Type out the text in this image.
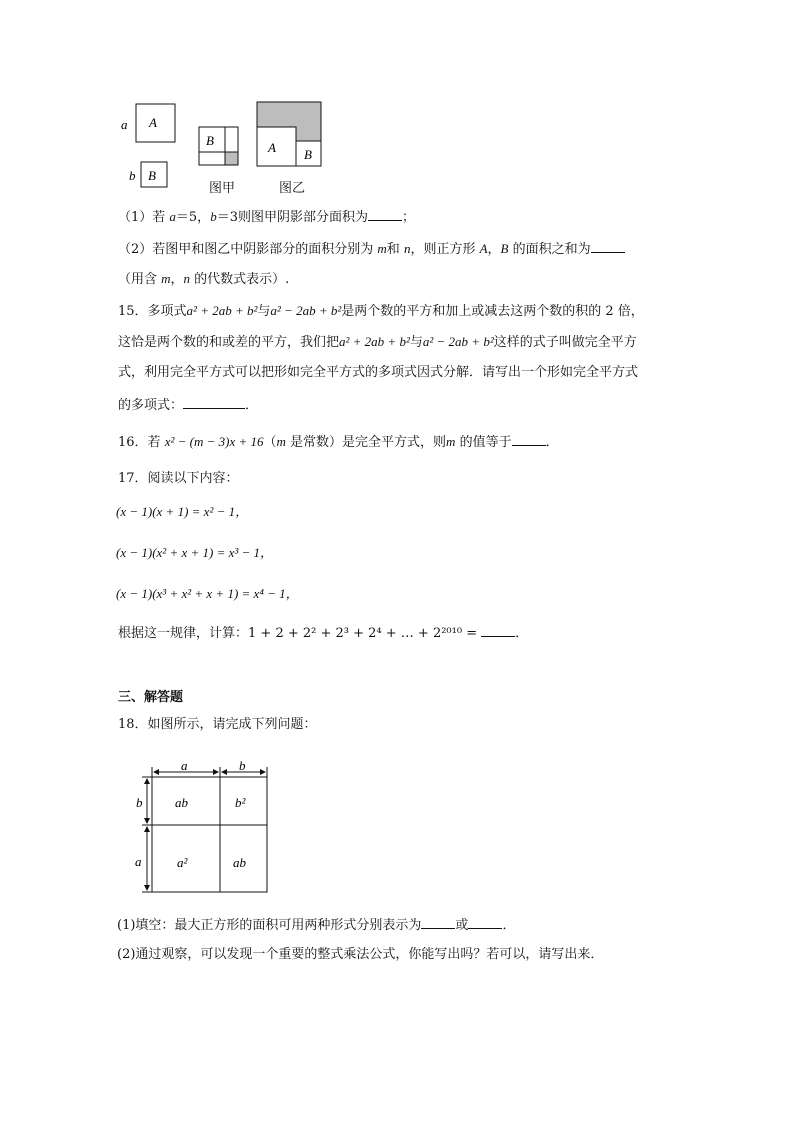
a A
b B
B	A B
图甲	图乙
（1）若 a＝5，b＝3则图甲阴影部分面积为	；
（2）若图甲和图乙中阴影部分的面积分别为 m和 n，则正方形 A，B 的面积之和为
（用含 m，n 的代数式表示）.
15．多项式a² + 2ab + b²与a² − 2ab + b²是两个数的平方和加上或减去这两个数的积的 2 倍，
这恰是两个数的和或差的平方，我们把a² + 2ab + b²与a² − 2ab + b²这样的式子叫做完全平方
式，利用完全平方式可以把形如完全平方式的多项式因式分解．请写出一个形如完全平方式
的多项式：	．
16．若 x² − (m − 3)x + 16（m 是常数）是完全平方式，则m 的值等于	．
17．阅读以下内容：
(x − 1)(x + 1) = x² − 1，
(x − 1)(x² + x + 1) = x³ − 1，
(x − 1)(x³ + x² + x + 1) = x⁴ − 1，
根据这一规律，计算：1 + 2 + 2² + 2³ + 2⁴ + … + 2²⁰¹⁰ =	．
三、解答题
18．如图所示，请完成下列问题：
a	b
b
a
ab	b²
a²	ab
(1)填空：最大正方形的面积可用两种形式分别表示为	或	．
(2)通过观察，可以发现一个重要的整式乘法公式，你能写出吗？若可以，请写出来．
